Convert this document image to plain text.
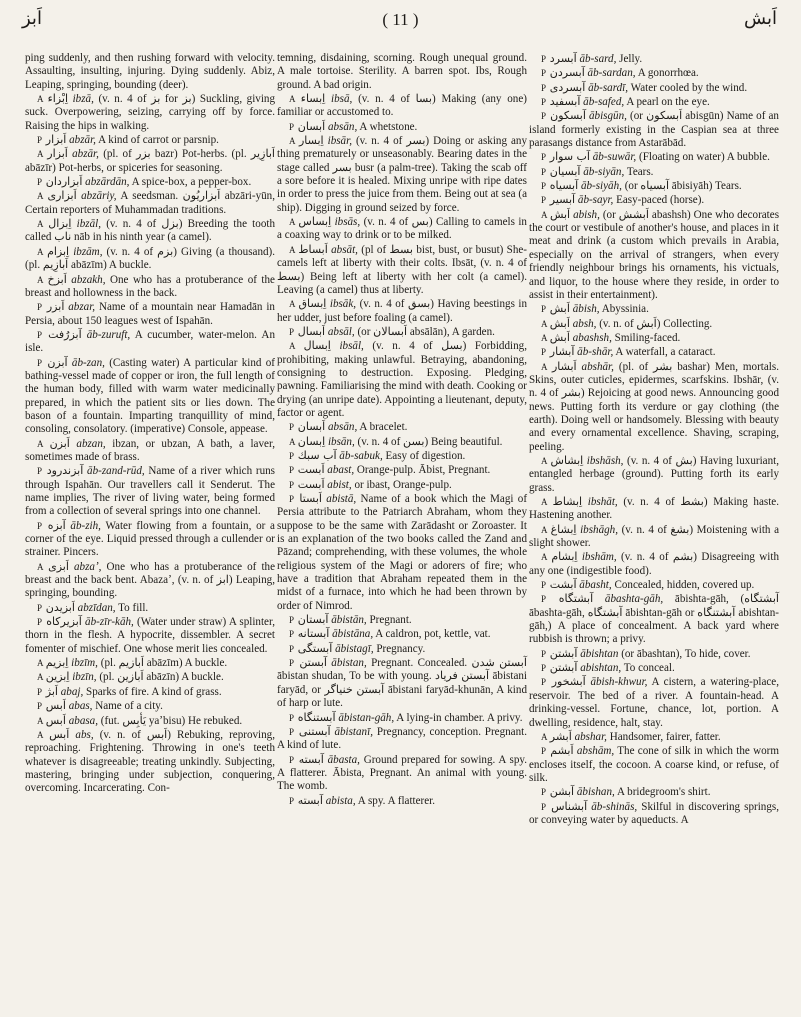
اَبز	( 11 )	اَبش

ping suddenly, and then rushing forward with velocity. Assaulting, insulting, injuring. Dying suddenly. Abiz, Leaping, springing, bounding (deer).

A اِبْزاء ibzā, (v. n. 4 of بز for بز) Suckling, giving suck. Overpowering, seizing, carrying off by force. Raising the hips in walking.

P اَبزار abzār, A kind of carrot or parsnip.

A اَبزار abzār, (pl. of بزر bazr) Pot-herbs. (pl. اَبازِير abāzīr) Pot-herbs, or spiceries for seasoning.

P اَبزاردان abzārdān, A spice-box, a pepper-box.

A اَبزارى abzāriy, A seedsman. اَبزاريُون abzāri-yūn, Certain reporters of Muhammadan traditions.

A اِبزال ibzāl, (v. n. 4 of بزل) Breeding the tooth called ناب nāb in his ninth year (a camel).

A اِبزام ibzām, (v. n. 4 of بزم) Giving (a thousand). (pl. اَبازِيم abāzīm) A buckle.

A اَبزخ abzakh, One who has a protuberance of the breast and hollowness in the back.

P اَبزر abzar, Name of a mountain near Hamadān in Persia, about 150 leagues west of Ispahān.

P آبزرُفت āb-zuruft, A cucumber, water-melon. An isle.

P آبزن āb-zan, (Casting water) A particular kind of bathing-vessel made of copper or iron, the full length of the human body, filled with warm water medicinally prepared, in which the patient sits or lies down. The bason of a fountain. Imparting tranquillity of mind, consoling, consolatory. (imperative) Console, appease.

A اَبزن abzan, ibzan, or ubzan, A bath, a laver, sometimes made of brass.

P آبزندرود āb-zand-rūd, Name of a river which runs through Ispahān. Our travellers call it Senderut. The name implies, The river of living water, being formed from a collection of several springs into one channel.

P آبزه āb-zih, Water flowing from a fountain, or a corner of the eye. Liquid pressed through a cullender or strainer. Pincers.

A اَبزى abzaʼ, One who has a protuberance of the breast and the back bent. Abazaʼ, (v. n. of ابز) Leaping, springing, bounding.

P اَبزيدن abzīdan, To fill.

P آبزيركاه āb-zīr-kāh, (Water under straw) A splinter, thorn in the flesh. A hypocrite, dissembler. A secret fomenter of mischief. One whose merit lies concealed.

A اِبزيم ibzīm, (pl. اَبازيم abāzīm) A buckle.

A اِبزين ibzīn, (pl. اَبازين abāzīn) A buckle.

P اَبژ abaj, Sparks of fire. A kind of grass.

P اَبس abas, Name of a city.

A اَبس abasa, (fut. يَأبِس yaʼbisu) He rebuked.

A اَبس abs, (v. n. of اَبس) Rebuking, reproving, reproaching. Frightening. Throwing in one's teeth whatever is disagreeable; treating unkindly. Subjecting, mastering, bringing under subjection, conquering, overcoming. Incarcerating. Con-

temning, disdaining, scorning. Rough unequal ground. A male tortoise. Sterility. A barren spot. Ibs, Rough ground. A bad origin.

A اِبساء ibsā, (v. n. 4 of بسا) Making (any one) familiar or accustomed to.

P اَبسان absān, A whetstone.

A اِبسار ibsār, (v. n. 4 of بسر) Doing or asking any thing prematurely or unseasonably. Bearing dates in the stage called بسر busr (a palm-tree). Taking the scab off a sore before it is healed. Mixing unripe with ripe dates in order to press the juice from them. Being out at sea (a ship). Digging in ground seized by force.

A اِبساس ibsās, (v. n. 4 of بس) Calling to camels in a coaxing way to drink or to be milked.

A اَبساط absāt, (pl of بسط bist, bust, or busut) She-camels left at liberty with their colts. Ibsāt, (v. n. 4 of بسط) Being left at liberty with her colt (a camel). Leaving (a camel) thus at liberty.

A اِبساق ibsāk, (v. n. 4 of بسق) Having beestings in her udder, just before foaling (a camel).

P اَبسال absāl, (or اَبسالان absālān), A garden.

A اِبسال ibsāl, (v. n. 4 of بسل) Forbidding, prohibiting, making unlawful. Betraying, abandoning, consigning to destruction. Exposing. Pledging, pawning. Familiarising the mind with death. Cooking or drying (an unripe date). Appointing a lieutenant, deputy, factor or agent.

P اَبسان absān, A bracelet.

A اِبسان ibsān, (v. n. 4 of بسن) Being beautiful.

P آب سبك āb-sabuk, Easy of digestion.

P اَبست abast, Orange-pulp. Ābist, Pregnant.

P اَبست abist, or ibast, Orange-pulp.

P اَبستا abistā, Name of a book which the Magi of Persia attribute to the Patriarch Abraham, whom they suppose to be the same with Zarādasht or Zoroaster. It is an explanation of the two books called the Zand and Pāzand; comprehending, with these volumes, the whole religious system of the Magi or adorers of fire; who have a tradition that Abraham repeated them in the midst of a furnace, into which he had been thrown by order of Nimrod.

P آبستان ābistān, Pregnant.

P آبستانه ābistāna, A caldron, pot, kettle, vat.

P آبستگى ābistagī, Pregnancy.

P آبستن ābistan, Pregnant. Concealed. آبستن شدن ābistan shudan, To be with young. آبستن فرياد ābistani faryād, or آبستن خنياگر ābistani faryād-khunān, A kind of harp or lute.

P آبستنگاه ābistan-gāh, A lying-in chamber. A privy.

P آبستنى ābistanī, Pregnancy, conception. Pregnant. A kind of lute.

P آبسته ābasta, Ground prepared for sowing. A spy. A flatterer. Ābista, Pregnant. An animal with young. The womb.

P آبسته abista, A spy. A flatterer.

P آبسرد āb-sard, Jelly.

P آبسردن āb-sardan, A gonorrhœa.

P آبسردى āb-sardī, Water cooled by the wind.

P آبسفيد āb-safed, A pearl on the eye.

P آبسكون ābisgūn, (or اَبسكون abisgūn) Name of an island formerly existing in the Caspian sea at three parasangs distance from Astarābād.

P آب سوار āb-suwār, (Floating on water) A bubble.

P آبسيان āb-siyān, Tears.

P آبسياه āb-siyāh, (or آبسياه ābisiyāh) Tears.

P آبسير āb-sayr, Easy-paced (horse).

A اَبش abish, (or اَبشش abashsh) One who decorates the court or vestibule of another's house, and places in it meat and drink (a custom which prevails in Arabia, especially on the arrival of strangers, when every friendly neighbour brings his ornaments, his victuals, and liquor, to the house where they reside, in order to assist in their entertainment).

P اَبش ābish, Abyssinia.

A اَبش absh, (v. n. of اَبش) Collecting.

A اَبش abashsh, Smiling-faced.

P آبشار āb-shār, A waterfall, a cataract.

A اَبشار abshār, (pl. of بشر bashar) Men, mortals. Skins, outer cuticles, epidermes, scarfskins. Ibshār, (v. n. 4 of بشر) Rejoicing at good news. Announcing good news. Putting forth its verdure or gay clothing (the earth). Doing well or handsomely. Blessing with beauty and every ornamental excellence. Shaving, scraping, peeling.

A اِبشاش ibshāsh, (v. n. 4 of بش) Having luxuriant, entangled herbage (ground). Putting forth its early grass.

A اِبشاط ibshāt, (v. n. 4 of بشط) Making haste. Hastening another.

A اِبشاغ ibshāgh, (v. n. 4 of بشغ) Moistening with a slight shower.

A اِبشام ibshām, (v. n. 4 of بشم) Disagreeing with any one (indigestible food).

P آبشت ābasht, Concealed, hidden, covered up.

P آبشتگاه ābashta-gāh, ābishta-gāh, (آبشتگاه ābashta-gāh, آبشتگاه ābishtan-gāh or آبشتنگاه abishtan-gāh,) A place of concealment. A back yard where rubbish is thrown; a privy.

P آبشتن ābishtan (or ābashtan), To hide, cover.

P آبشتن abishtan, To conceal.

P آبشخور ābish-khwur, A cistern, a watering-place, reservoir. The bed of a river. A fountain-head. A drinking-vessel. Fortune, chance, lot, portion. A dwelling, residence, halt, stay.

A اَبشر abshar, Handsomer, fairer, fatter.

P اَبشم abshām, The cone of silk in which the worm encloses itself, the cocoon. A coarse kind, or refuse, of silk.

P آبشن ābishan, A bridegroom's shirt.

P آبشناس āb-shinās, Skilful in discovering springs, or conveying water by aqueducts. A
